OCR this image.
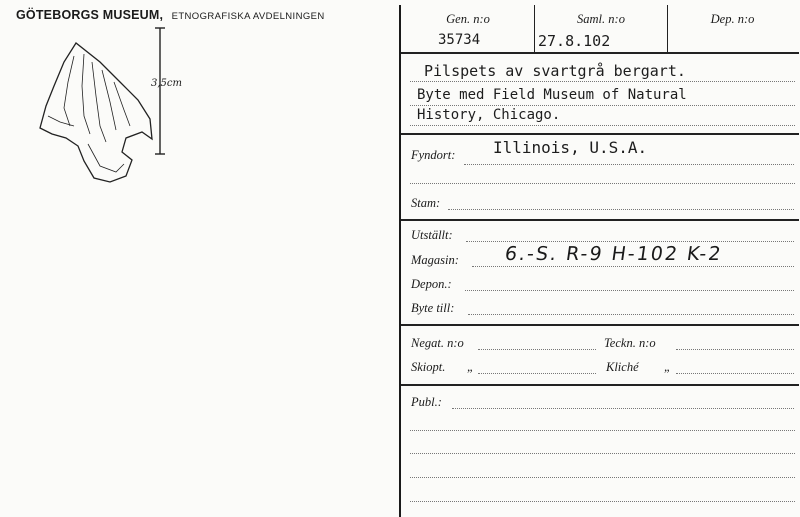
GÖTEBORGS MUSEUM, ETNOGRAFISKA AVDELNINGEN
3,5cm
Gen. n:o
35734
Saml. n:o
27.8.102
Dep. n:o
Pilspets av svartgrå bergart.
Byte med Field Museum of Natural
History, Chicago.
Fyndort: Illinois, U.S.A.
Stam:
Utställt:
Magasin: 6.-S. R-9 H-102 K-2
Depon.:
Byte till:
Negat. n:o	Teckn. n:o
Skiopt. „	Kliché „
Publ.:
